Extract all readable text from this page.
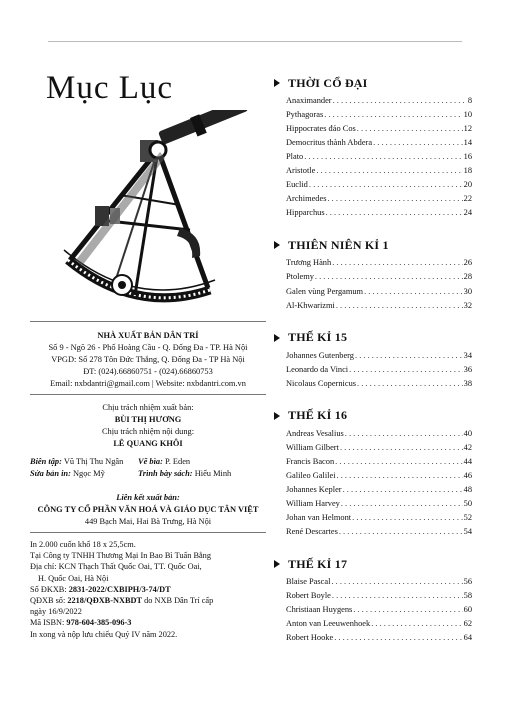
Mục Lục
NHÀ XUẤT BẢN DÂN TRÍ
Số 9 - Ngõ 26 - Phố Hoàng Cầu - Q. Đống Đa - TP. Hà Nội
VPGD: Số 278 Tôn Đức Thắng, Q. Đống Đa - TP Hà Nội
ĐT: (024).66860751 - (024).66860753
Email: nxbdantri@gmail.com | Website: nxbdantri.com.vn
Chịu trách nhiệm xuất bản:
BÙI THỊ HƯƠNG
Chịu trách nhiệm nội dung:
LÊ QUANG KHÔI
Biên tập: Vũ Thị Thu Ngân	Vẽ bìa: P. Eden
Sửa bản in: Ngọc Mỹ	Trình bày sách: Hiếu Minh
Liên kết xuất bản:
CÔNG TY CỔ PHẦN VĂN HOÁ VÀ GIÁO DỤC TÂN VIỆT
449 Bạch Mai, Hai Bà Trưng, Hà Nội
In 2.000 cuốn khổ 18 x 25,5cm.
Tại Công ty TNHH Thương Mại In Bao Bì Tuấn Bằng
Địa chỉ: KCN Thạch Thất Quốc Oai, TT. Quốc Oai,
H. Quốc Oai, Hà Nội
Số ĐKXB: 2831-2022/CXBIPH/3-74/DT
QĐXB số: 2218/QĐXB-NXBDT do NXB Dân Trí cấp
ngày 16/9/2022
Mã ISBN: 978-604-385-096-3
In xong và nộp lưu chiểu Quý IV năm 2022.
THỜI CỔ ĐẠI
Anaximander . . .	8
Pythagoras . . .	10
Hippocrates đảo Cos . . .	12
Democritus thành Abdera . . .	14
Plato . . .	16
Aristotle . . .	18
Euclid . . .	20
Archimedes . . .	22
Hipparchus . . .	24
THIÊN NIÊN KỈ 1
Trương Hành . . .	26
Ptolemy . . .	28
Galen vùng Pergamum . . .	30
Al-Khwarizmi . . .	32
THẾ KỈ 15
Johannes Gutenberg . . .	34
Leonardo da Vinci . . .	36
Nicolaus Copernicus . . .	38
THẾ KỈ 16
Andreas Vesalius . . .	40
William Gilbert . . .	42
Francis Bacon . . .	44
Galileo Galilei . . .	46
Johannes Kepler . . .	48
William Harvey . . .	50
Johan van Helmont . . .	52
René Descartes . . .	54
THẾ KỈ 17
Blaise Pascal . . .	56
Robert Boyle . . .	58
Christiaan Huygens . . .	60
Anton van Leeuwenhoek . . .	62
Robert Hooke . . .	64
